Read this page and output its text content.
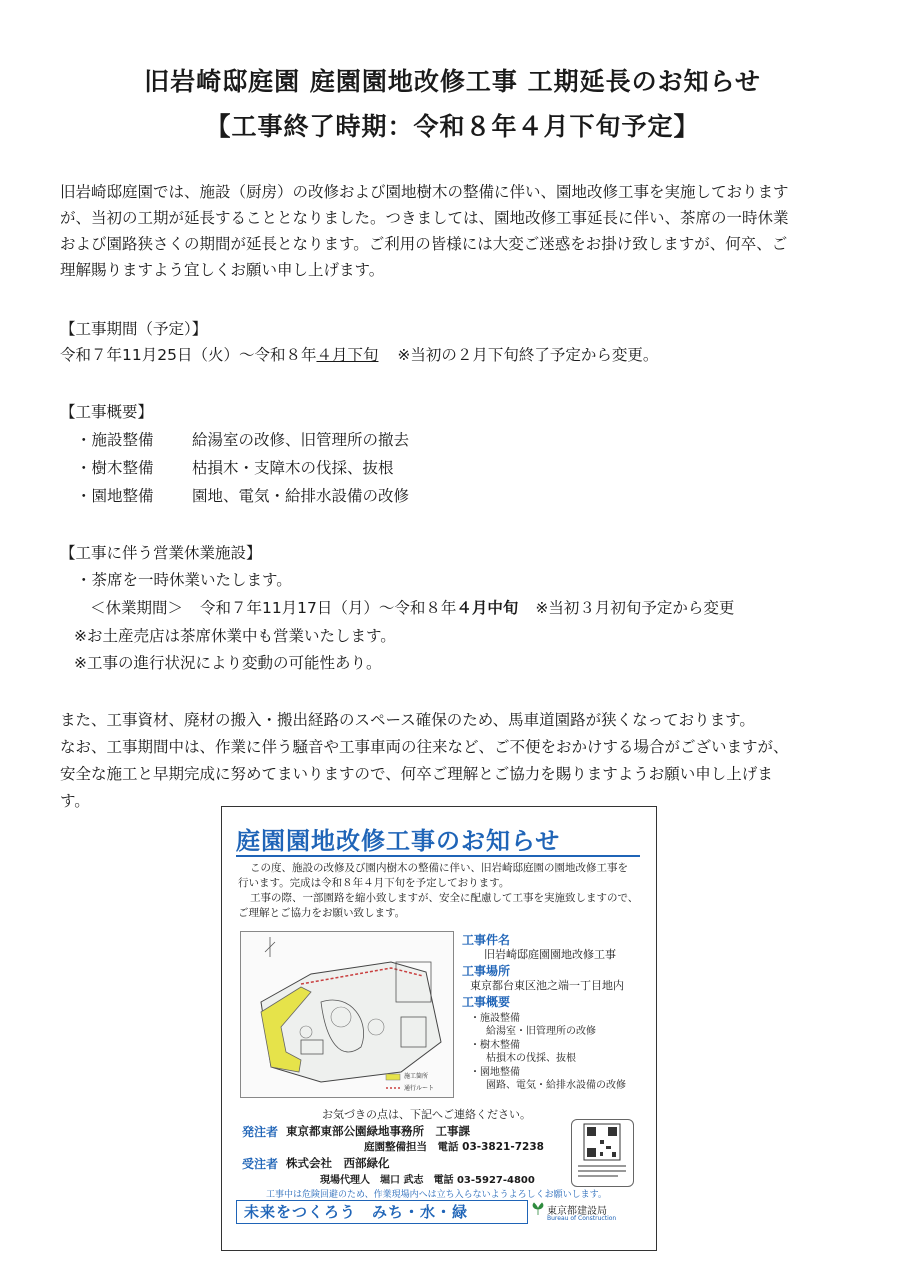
旧岩崎邸庭園 庭園園地改修工事 工期延長のお知らせ
【工事終了時期：令和８年４月下旬予定】
旧岩崎邸庭園では、施設（厨房）の改修および園地樹木の整備に伴い、園地改修工事を実施しております
が、当初の工期が延長することとなりました。つきましては、園地改修工事延長に伴い、茶席の一時休業
および園路狭さくの期間が延長となります。ご利用の皆様には大変ご迷惑をお掛け致しますが、何卒、ご
理解賜りますよう宜しくお願い申し上げます。
【工事期間（予定）】
令和７年11月25日（火）～令和８年４月下旬 ※当初の２月下旬終了予定から変更。
【工事概要】
・施設整備 給湯室の改修、旧管理所の撤去
・樹木整備 枯損木・支障木の伐採、抜根
・園地整備 園地、電気・給排水設備の改修
【工事に伴う営業休業施設】
・茶席を一時休業いたします。
＜休業期間＞ 令和７年11月17日（月）～令和８年４月中旬 ※当初３月初旬予定から変更
※お土産売店は茶席休業中も営業いたします。
※工事の進行状況により変動の可能性あり。
また、工事資材、廃材の搬入・搬出経路のスペース確保のため、馬車道園路が狭くなっております。
なお、工事期間中は、作業に伴う騒音や工事車両の往来など、ご不便をおかけする場合がございますが、
安全な施工と早期完成に努めてまいりますので、何卒ご理解とご協力を賜りますようお願い申し上げま
す。
庭園園地改修工事のお知らせ
この度、施設の改修及び園内樹木の整備に伴い、旧岩崎邸庭園の園地改修工事を
行います。完成は令和８年４月下旬を予定しております。
工事の際、一部園路を縮小致しますが、安全に配慮して工事を実施致しますので、
ご理解とご協力をお願い致します。
施工箇所
通行ルート
工事件名
旧岩崎邸庭園園地改修工事
工事場所
東京都台東区池之端一丁目地内
工事概要
・施設整備
給湯室・旧管理所の改修
・樹木整備
枯損木の伐採、抜根
・園地整備
園路、電気・給排水設備の改修
お気づきの点は、下記へご連絡ください。
発注者 東京都東部公園緑地事務所　工事課
庭園整備担当　電話 03-3821-7238
受注者 株式会社　西部緑化
現場代理人　堀口 武志　電話 03-5927-4800
工事中は危険回避のため、作業現場内へは立ち入らないようよろしくお願いします。
未来をつくろう　みち・水・緑	東京都建設局
Bureau of Construction
